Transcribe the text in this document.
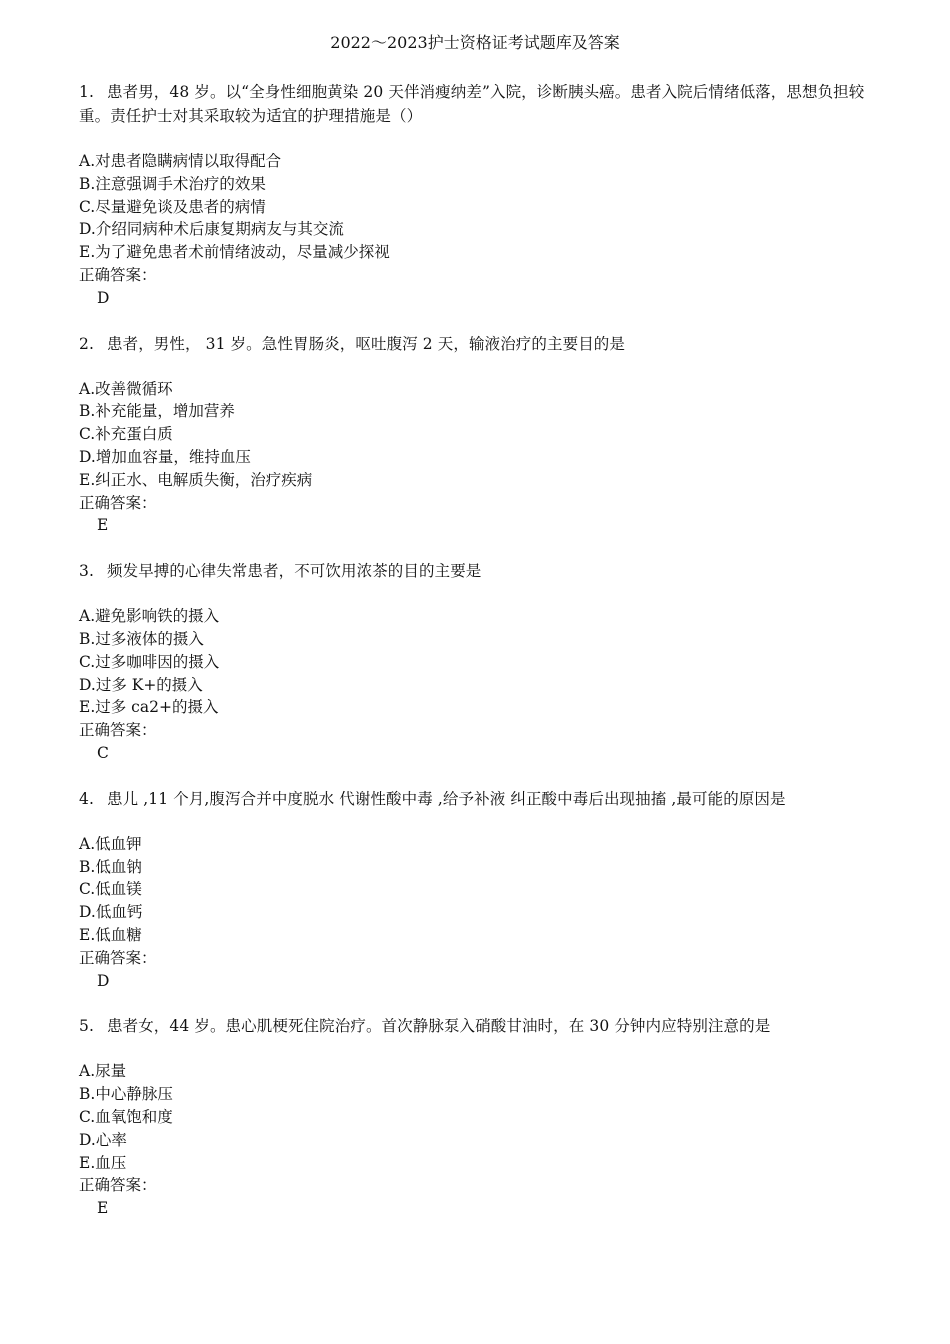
2022～2023护士资格证考试题库及答案
1. 患者男，48 岁。以“全身性细胞黄染 20 天伴消瘦纳差”入院，诊断胰头癌。患者入院后情绪低落，思想负担较重。责任护士对其采取较为适宜的护理措施是（）
A.对患者隐瞒病情以取得配合
B.注意强调手术治疗的效果
C.尽量避免谈及患者的病情
D.介绍同病种术后康复期病友与其交流
E.为了避免患者术前情绪波动，尽量减少探视
正确答案：
D
2. 患者，男性， 31 岁。急性胃肠炎，呕吐腹泻 2 天，输液治疗的主要目的是
A.改善微循环
B.补充能量，增加营养
C.补充蛋白质
D.增加血容量，维持血压
E.纠正水、电解质失衡，治疗疾病
正确答案：
E
3. 频发早搏的心律失常患者，不可饮用浓茶的目的主要是
A.避免影响铁的摄入
B.过多液体的摄入
C.过多咖啡因的摄入
D.过多 K+的摄入
E.过多 ca2+的摄入
正确答案：
C
4. 患儿 ,11 个月,腹泻合并中度脱水 代谢性酸中毒 ,给予补液 纠正酸中毒后出现抽搐 ,最可能的原因是
A.低血钾
B.低血钠
C.低血镁
D.低血钙
E.低血糖
正确答案：
D
5. 患者女，44 岁。患心肌梗死住院治疗。首次静脉泵入硝酸甘油时，在 30 分钟内应特别注意的是
A.尿量
B.中心静脉压
C.血氧饱和度
D.心率
E.血压
正确答案：
E
